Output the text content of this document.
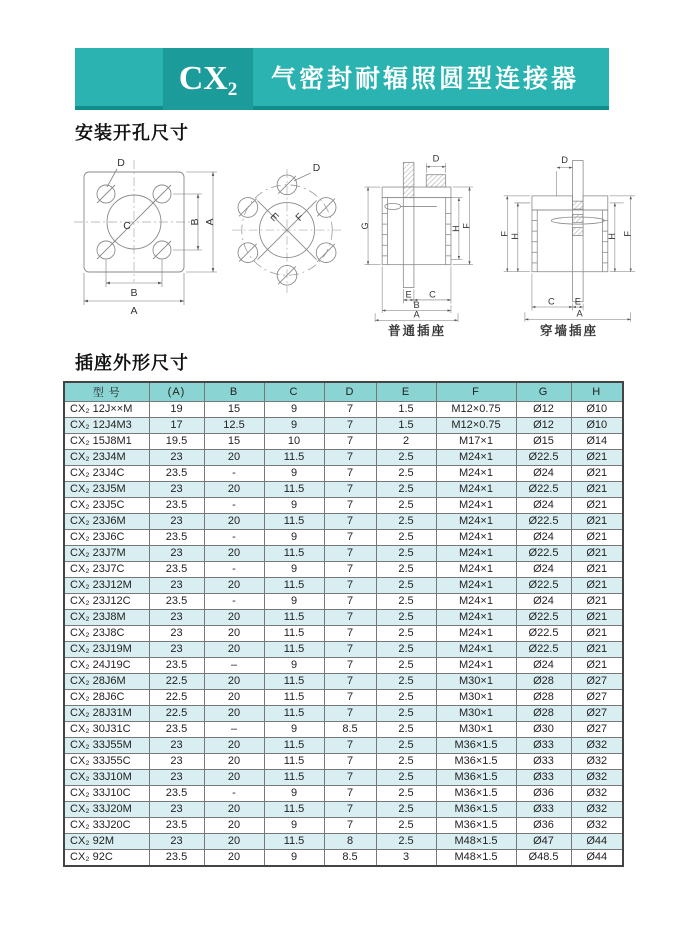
CX 2 气密封耐辐照圆型连接器
安装开孔尺寸
D
C
B
A
B A
D
E F
D
G	H F
E C
B
A
D
F H	H F
C E
A
普通插座	穿墙插座
插座外形尺寸
型 号	(A)	B	C	D	E	F	G	H
CX₂ 12J××M	19	15	9	7	1.5	M12×0.75	Ø12	Ø10
CX₂ 12J4M3	17	12.5	9	7	1.5	M12×0.75	Ø12	Ø10
CX₂ 15J8M1	19.5	15	10	7	2	M17×1	Ø15	Ø14
CX₂ 23J4M	23	20	11.5	7	2.5	M24×1	Ø22.5	Ø21
CX₂ 23J4C	23.5	-	9	7	2.5	M24×1	Ø24	Ø21
CX₂ 23J5M	23	20	11.5	7	2.5	M24×1	Ø22.5	Ø21
CX₂ 23J5C	23.5	-	9	7	2.5	M24×1	Ø24	Ø21
CX₂ 23J6M	23	20	11.5	7	2.5	M24×1	Ø22.5	Ø21
CX₂ 23J6C	23.5	-	9	7	2.5	M24×1	Ø24	Ø21
CX₂ 23J7M	23	20	11.5	7	2.5	M24×1	Ø22.5	Ø21
CX₂ 23J7C	23.5	-	9	7	2.5	M24×1	Ø24	Ø21
CX₂ 23J12M	23	20	11.5	7	2.5	M24×1	Ø22.5	Ø21
CX₂ 23J12C	23.5	-	9	7	2.5	M24×1	Ø24	Ø21
CX₂ 23J8M	23	20	11.5	7	2.5	M24×1	Ø22.5	Ø21
CX₂ 23J8C	23	20	11.5	7	2.5	M24×1	Ø22.5	Ø21
CX₂ 23J19M	23	20	11.5	7	2.5	M24×1	Ø22.5	Ø21
CX₂ 24J19C	23.5	–	9	7	2.5	M24×1	Ø24	Ø21
CX₂ 28J6M	22.5	20	11.5	7	2.5	M30×1	Ø28	Ø27
CX₂ 28J6C	22.5	20	11.5	7	2.5	M30×1	Ø28	Ø27
CX₂ 28J31M	22.5	20	11.5	7	2.5	M30×1	Ø28	Ø27
CX₂ 30J31C	23.5	–	9	8.5	2.5	M30×1	Ø30	Ø27
CX₂ 33J55M	23	20	11.5	7	2.5	M36×1.5	Ø33	Ø32
CX₂ 33J55C	23	20	11.5	7	2.5	M36×1.5	Ø33	Ø32
CX₂ 33J10M	23	20	11.5	7	2.5	M36×1.5	Ø33	Ø32
CX₂ 33J10C	23.5	-	9	7	2.5	M36×1.5	Ø36	Ø32
CX₂ 33J20M	23	20	11.5	7	2.5	M36×1.5	Ø33	Ø32
CX₂ 33J20C	23.5	20	9	7	2.5	M36×1.5	Ø36	Ø32
CX₂ 92M	23	20	11.5	8	2.5	M48×1.5	Ø47	Ø44
CX₂ 92C	23.5	20	9	8.5	3	M48×1.5	Ø48.5	Ø44
